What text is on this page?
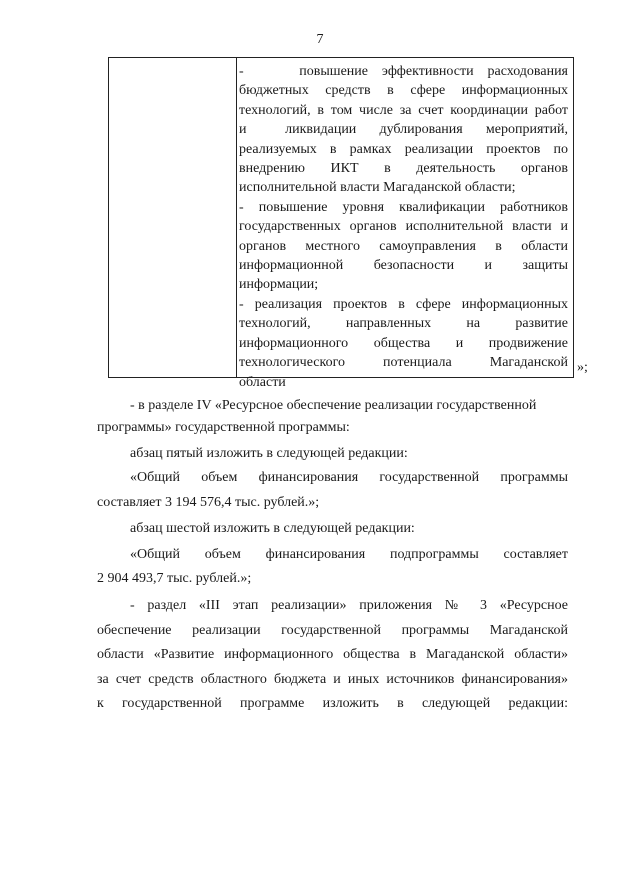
7
-    повышение эффективности расходования
бюджетных средств в сфере информационных
технологий, в том числе за счет координации работ
и     ликвидации   дублирования   мероприятий,
реализуемых в рамках реализации проектов по
внедрению ИКТ в деятельность органов
исполнительной власти Магаданской области;
- повышение уровня квалификации работников
государственных органов исполнительной власти и
органов местного самоуправления в области
информационной безопасности и защиты
информации;
- реализация проектов в сфере информационных
технологий, направленных на развитие
информационного общества и продвижение
технологического потенциала Магаданской
области
»;
- в разделе IV «Ресурсное обеспечение реализации государственной
программы» государственной программы:
абзац пятый изложить в следующей редакции:
«Общий объем финансирования государственной программы
составляет 3 194 576,4 тыс. рублей.»;
абзац шестой изложить в следующей редакции:
«Общий объем финансирования подпрограммы составляет
2 904 493,7 тыс. рублей.»;
- раздел «III этап реализации» приложения № 3 «Ресурсное
обеспечение реализации государственной программы Магаданской
области «Развитие информационного общества в Магаданской области»
за счет средств областного бюджета и иных источников финансирования»
к государственной программе изложить в следующей редакции:
